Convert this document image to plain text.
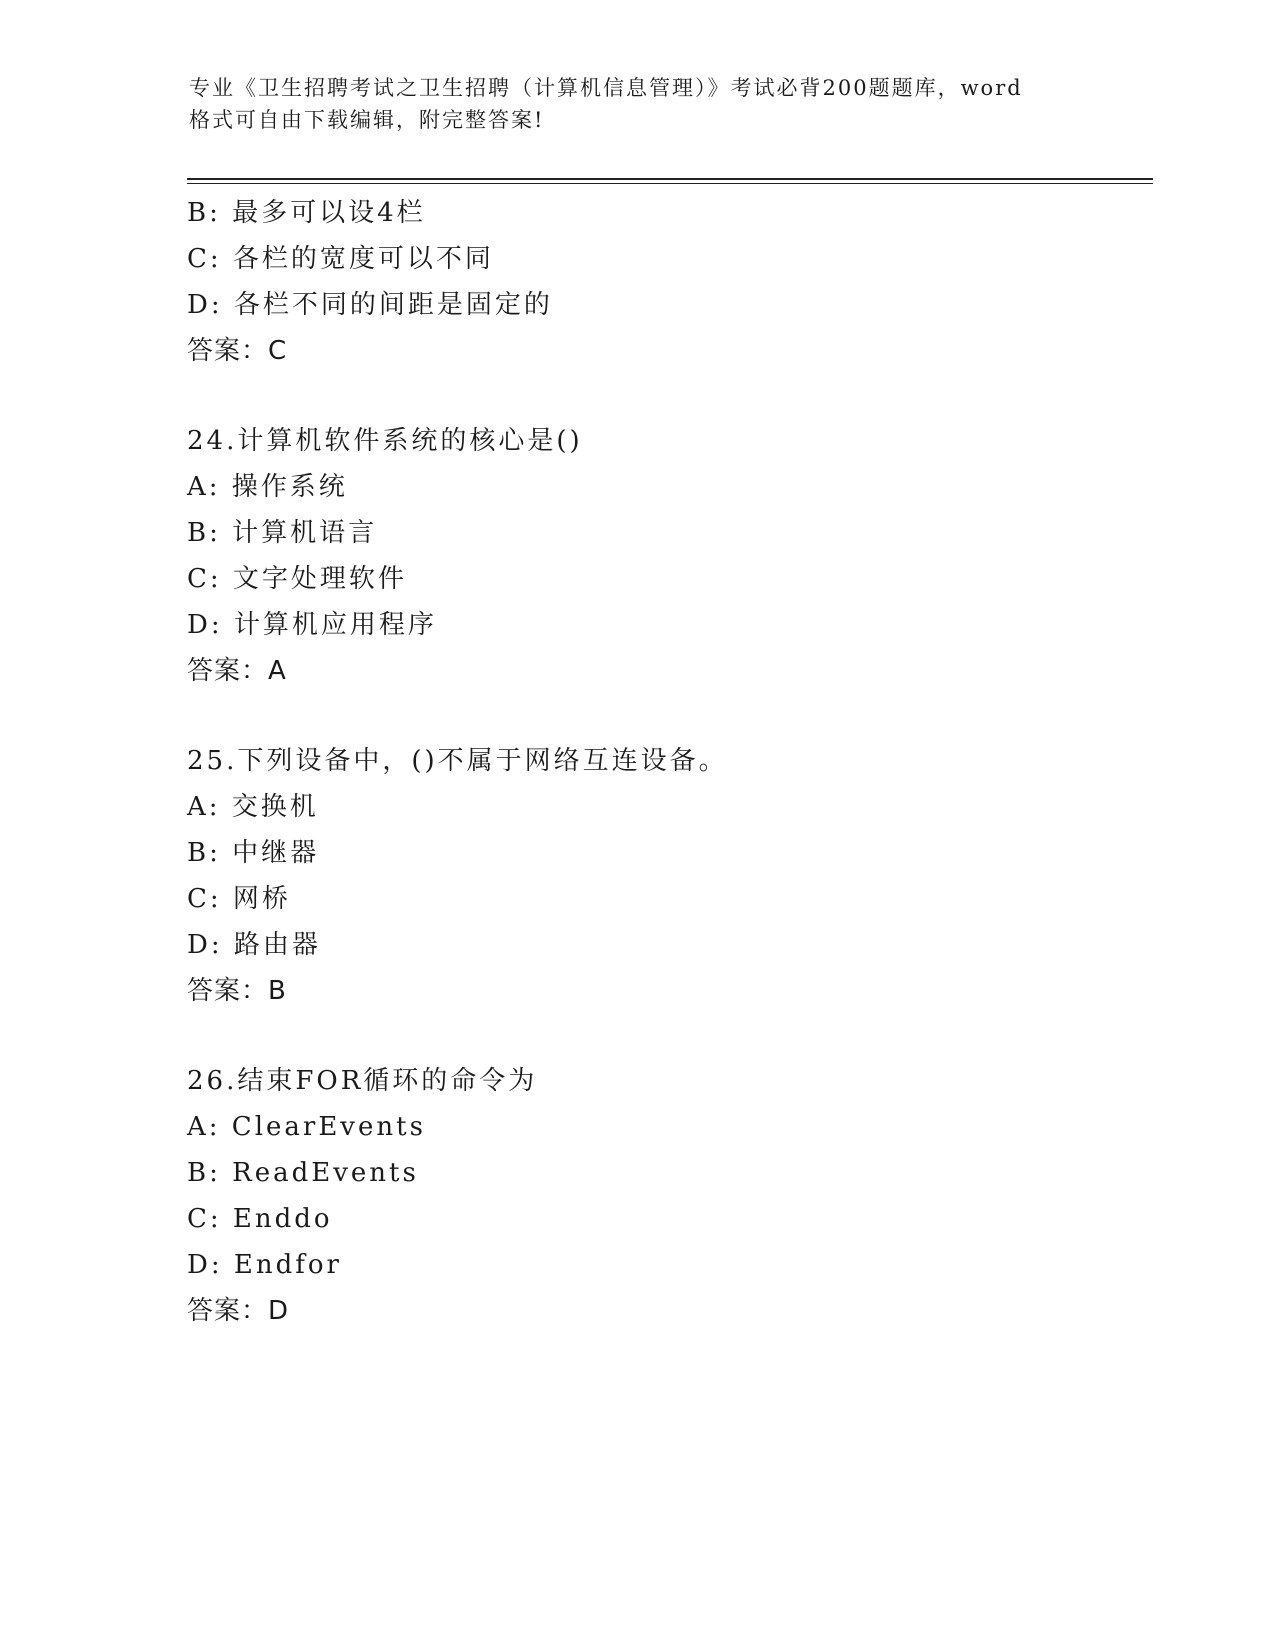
专业《卫生招聘考试之卫生招聘（计算机信息管理）》考试必背200题题库，word
格式可自由下载编辑，附完整答案!
B: 最多可以设4栏
C: 各栏的宽度可以不同
D: 各栏不同的间距是固定的
答案：C
24.计算机软件系统的核心是()
A: 操作系统
B: 计算机语言
C: 文字处理软件
D: 计算机应用程序
答案：A
25.下列设备中，()不属于网络互连设备。
A: 交换机
B: 中继器
C: 网桥
D: 路由器
答案：B
26.结束FOR循环的命令为
A: ClearEvents
B: ReadEvents
C: Enddo
D: Endfor
答案：D
